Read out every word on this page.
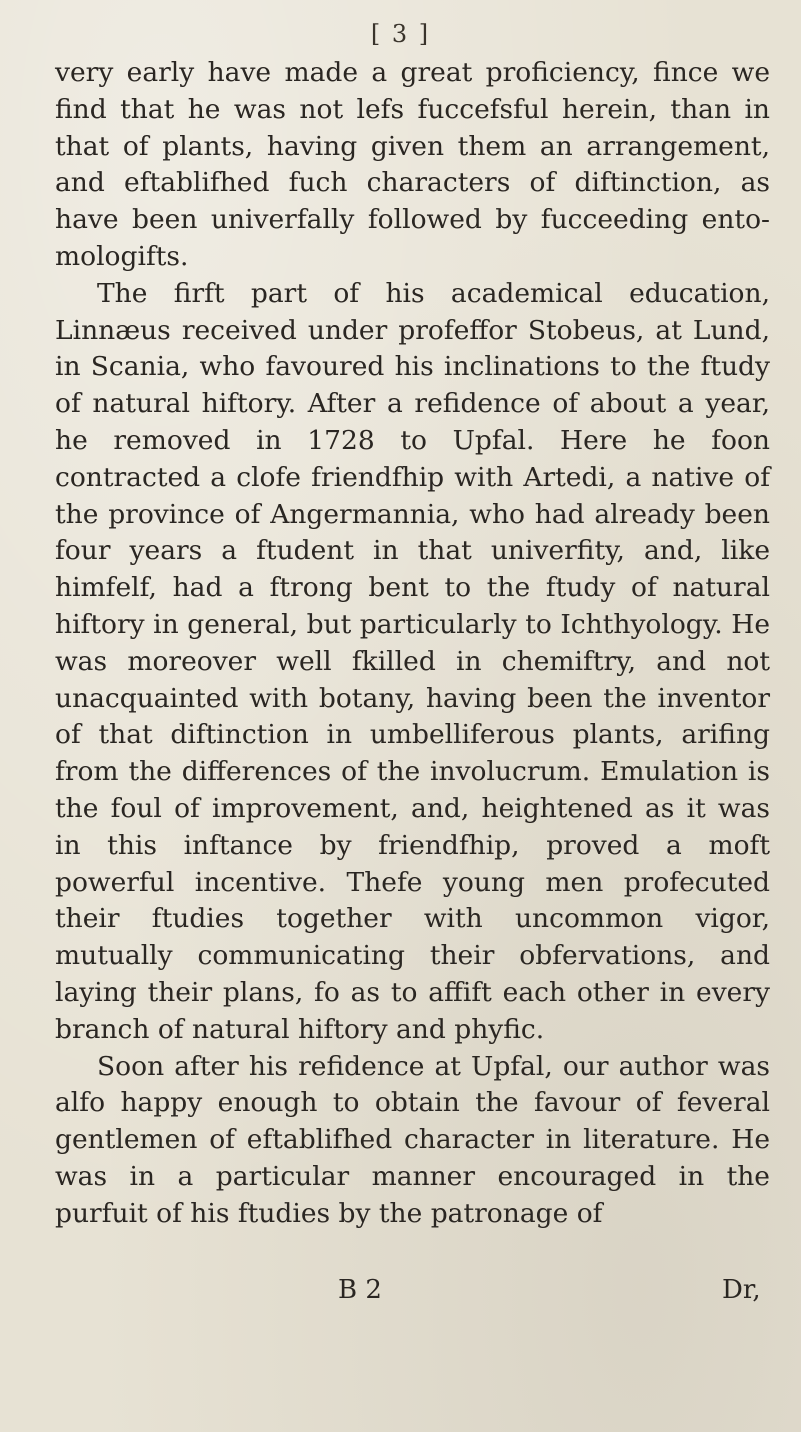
[ 3 ]

very early have made a great proficiency, fince we find that he was not lefs fuccefsful herein, than in that of plants, having given them an arrangement, and eftablifhed fuch characters of diftinction, as have been univerfally followed by fucceeding ento-mologifts.

The firft part of his academical education, Linnæus received under profeffor Stobeus, at Lund, in Scania, who favoured his inclinations to the ftudy of natural hiftory. After a refidence of about a year, he removed in 1728 to Upfal. Here he foon contracted a clofe friendfhip with Artedi, a native of the province of Angermannia, who had already been four years a ftudent in that univerfity, and, like himfelf, had a ftrong bent to the ftudy of natural hiftory in general, but particularly to Ichthyology. He was moreover well fkilled in chemiftry, and not unacquainted with botany, having been the inventor of that diftinction in umbelliferous plants, arifing from the differences of the involucrum. Emulation is the foul of improvement, and, heightened as it was in this inftance by friendfhip, proved a moft powerful incentive. Thefe young men profecuted their ftudies together with uncommon vigor, mutually communicating their obfervations, and laying their plans, fo as to affift each other in every branch of natural hiftory and phyfic.

Soon after his refidence at Upfal, our author was alfo happy enough to obtain the favour of feveral gentlemen of eftablifhed character in literature. He was in a particular manner encouraged in the purfuit of his ftudies by the patronage of

B 2	Dr,
